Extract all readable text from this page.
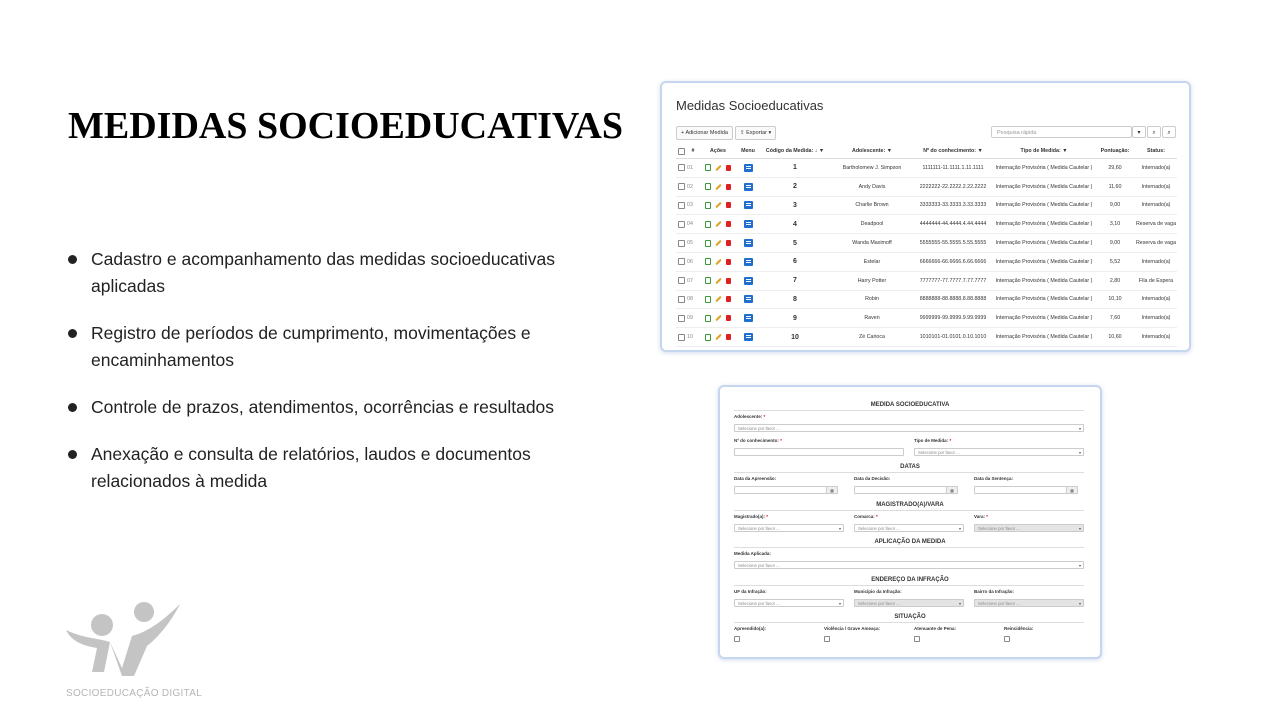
MEDIDAS SOCIOEDUCATIVAS
Cadastro e acompanhamento das medidas socioeducativas aplicadas
Registro de períodos de cumprimento, movimentações e encaminhamentos
Controle de prazos, atendimentos, ocorrências e resultados
Anexação e consulta de relatórios, laudos e documentos relacionados à medida
SOCIOEDUCAÇÃO DIGITAL
Medidas Socioeducativas
+ Adicionar Medida	⇪ Exportar ▾	Pesquisa rápida	▾	⌕	⌕
	#	Ações	Menu	Código da Medida: ↓ ▼	Adolescente: ▼	Nº do conhecimento: ▼	Tipo de Medida: ▼	Pontuação:	Status:
	01			1	Bartholomew J. Simpson	1111111-11.1111.1.11.1111	Internação Provisória ( Medida Cautelar )	29,60	Internado(a)
	02			2	Andy Davis	2222222-22.2222.2.22.2222	Internação Provisória ( Medida Cautelar )	11,60	Internado(a)
	03			3	Charlie Brown	3333333-33.3333.3.33.3333	Internação Provisória ( Medida Cautelar )	9,00	Internado(a)
	04			4	Deadpool	4444444-44.4444.4.44.4444	Internação Provisória ( Medida Cautelar )	3,10	Reserva de vaga
	05			5	Wanda Maximoff	5555555-55.5555.5.55.5555	Internação Provisória ( Medida Cautelar )	9,00	Reserva de vaga
	06			6	Estelar	6666666-66.6666.6.66.6666	Internação Provisória ( Medida Cautelar )	5,52	Internado(a)
	07			7	Harry Potter	7777777-77.7777.7.77.7777	Internação Provisória ( Medida Cautelar )	2,80	Fila de Espera
	08			8	Robin	8888888-88.8888.8.88.8888	Internação Provisória ( Medida Cautelar )	10,10	Internado(a)
	09			9	Raven	9999999-99.9999.9.99.9999	Internação Provisória ( Medida Cautelar )	7,60	Internado(a)
	10			10	Zé Carioca	1010101-01.0101.0.10.1010	Internação Provisória ( Medida Cautelar )	10,60	Internado(a)
MEDIDA SOCIOEDUCATIVA
Adolescente: *
Selecione por favor ...	▾
Nº do conhecimento: *	Tipo de Medida: *
Selecione por favor ...	▾
DATAS
Data da Apreensão:
▦
Data da Decisão:
▦
Data da Sentença:
▦
MAGISTRADO(A)/VARA
Magistrado(a): *
Selecione por favor ...	▾
Comarca: *
Selecione por favor ...	▾
Vara: *
Selecione por favor ...	▾
APLICAÇÃO DA MEDIDA
Medida Aplicada:
Selecione por favor ...	▾
ENDEREÇO DA INFRAÇÃO
UF da Infração:
Selecione por favor ...	▾
Município da Infração:
Selecione por favor ...	▾
Bairro da Infração:
Selecione por favor ...	▾
SITUAÇÃO
Apreendido(a):	Violência / Grave Ameaça:	Atenuante de Pena:	Reincidência:
